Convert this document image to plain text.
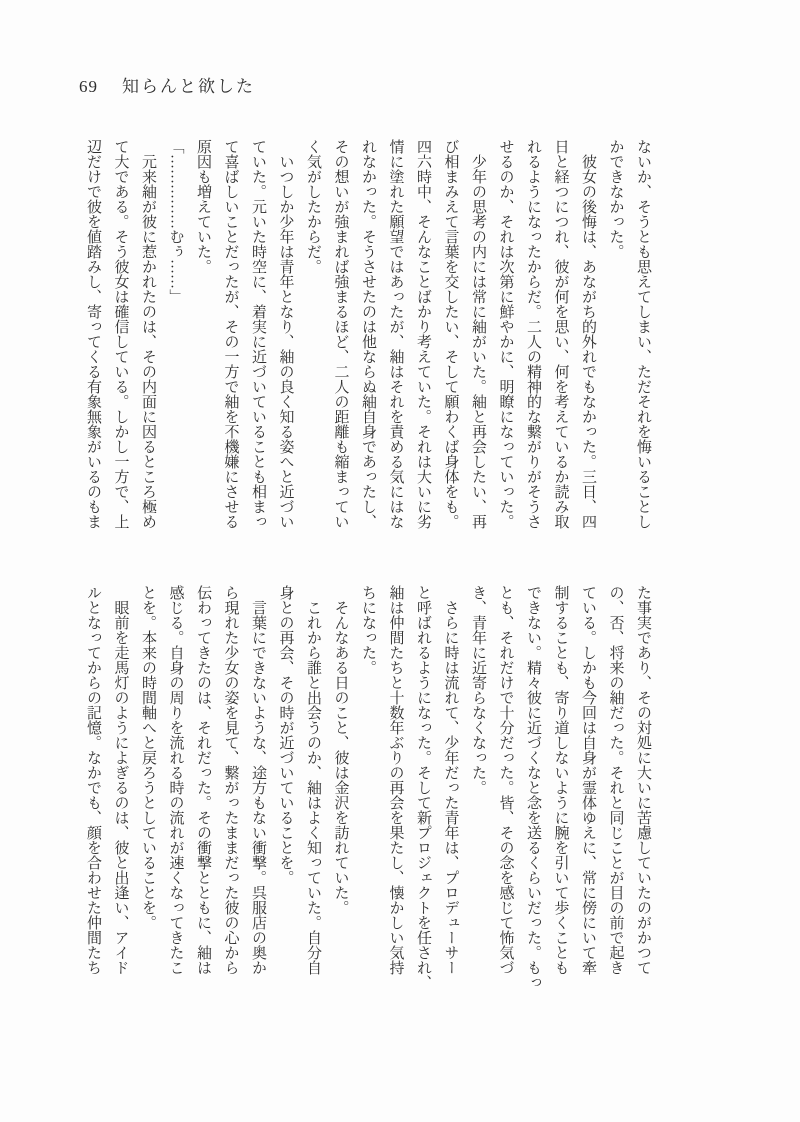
69 知らんと欲した

ないか、そうとも思えてしまい、ただそれを悔いることし

かできなかった。

　彼女の後悔は、あながち的外れでもなかった。三日、四

日と経つにつれ、彼が何を思い、何を考えているか読み取

れるようになったからだ。二人の精神的な繋がりがそうさ

せるのか、それは次第に鮮やかに、明瞭になっていった。

　少年の思考の内には常に紬がいた。紬と再会したい、再

び相まみえて言葉を交したい、そして願わくば身体をも。

四六時中、そんなことばかり考えていた。それは大いに劣

情に塗れた願望ではあったが、紬はそれを責める気にはな

れなかった。そうさせたのは他ならぬ紬自身であったし、

その想いが強まれば強まるほど、二人の距離も縮まってい

く気がしたからだ。

　いつしか少年は青年となり、紬の良く知る姿へと近づい

ていた。元いた時空に、着実に近づいていることも相まっ

て喜ばしいことだったが、その一方で紬を不機嫌にさせる

原因も増えていた。

「……………むぅ……」

　元来紬が彼に惹かれたのは、その内面に因るところ極め

て大である。そう彼女は確信している。しかし一方で、上

辺だけで彼を値踏みし、寄ってくる有象無象がいるのもま

た事実であり、その対処に大いに苦慮していたのがかつて

の、否、将来の紬だった。それと同じことが目の前で起き

ている。しかも今回は自身が霊体ゆえに、常に傍にいて牽

制することも、寄り道しないように腕を引いて歩くことも

できない。精々彼に近づくなと念を送るくらいだった。もっ

とも、それだけで十分だった。皆、その念を感じて怖気づ

き、青年に近寄らなくなった。

　さらに時は流れて、少年だった青年は、プロデューサー

と呼ばれるようになった。そして新プロジェクトを任され、

紬は仲間たちと十数年ぶりの再会を果たし、懐かしい気持

ちになった。

　そんなある日のこと、彼は金沢を訪れていた。

　これから誰と出会うのか、紬はよく知っていた。自分自

身との再会、その時が近づいていることを。

　言葉にできないような、途方もない衝撃。呉服店の奥か

ら現れた少女の姿を見て、繋がったままだった彼の心から

伝わってきたのは、それだった。その衝撃とともに、紬は

感じる。自身の周りを流れる時の流れが速くなってきたこ

とを。本来の時間軸へと戻ろうとしていることを。

　眼前を走馬灯のようによぎるのは、彼と出逢い、アイド

ルとなってからの記憶。なかでも、顔を合わせた仲間たち
